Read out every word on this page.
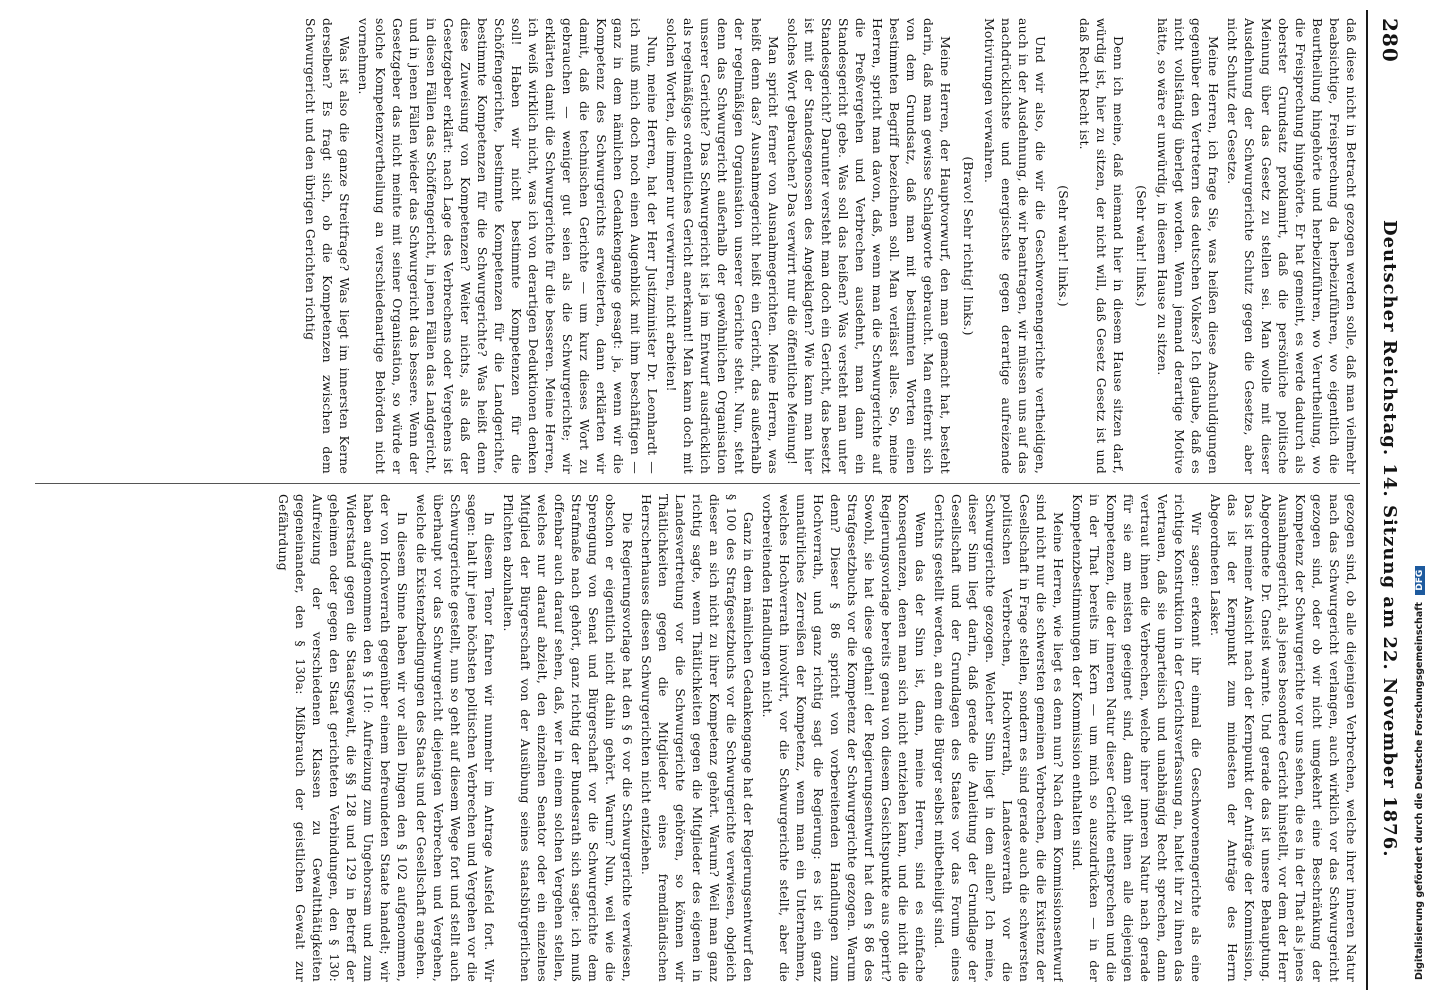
280
Deutscher Reichstag. 14. Sitzung am 22. November 1876.

daß diese nicht in Betracht gezogen werden solle, daß man vielmehr beabsichtige, Freisprechung da herbeizuführen, wo eigentlich die Beurtheilung hingehörte und herbeizuführen, wo Verurtheilung, wo die Freisprechung hingehörte. Er hat gemeint, es werde dadurch als oberster Grundsatz proklamirt, daß die persönliche politische Meinung über das Gesetz zu stellen sei. Man wolle mit dieser Ausdehnung der Schwurgerichte Schutz gegen die Gesetze, aber nicht Schutz der Gesetze.

Meine Herren, ich frage Sie, was heißen diese Anschuldigungen gegenüber den Vertretern des deutschen Volkes? Ich glaube, daß es nicht vollständig überlegt worden. Wenn jemand derartige Motive hätte, so wäre er unwürdig, in diesem Hause zu sitzen.

(Sehr wahr! links.)

Denn ich meine, daß niemand hier in diesem Hause sitzen darf, würdig ist, hier zu sitzen, der nicht will, daß Gesetz Gesetz ist und daß Recht Recht ist.

(Sehr wahr! links.)

Und wir also, die wir die Geschworenengerichte vertheidigen, auch in der Ausdehnung, die wir beantragen, wir müssen uns auf das nachdrücklichste und energischste gegen derartige aufreizende Motivirungen verwahren.

(Bravo! Sehr richtig! links.)

Meine Herren, der Hauptvorwurf, den man gemacht hat, besteht darin, daß man gewisse Schlagworte gebraucht. Man entfernt sich von dem Grundsatz, daß man mit bestimmten Worten einen bestimmten Begriff bezeichnen soll. Man verlässt alles. So, meine Herren, spricht man davon, daß, wenn man die Schwurgerichte auf die Preßvergehen und Verbrechen ausdehnt, man dann ein Standesgericht gebe. Was soll das heißen? Was versteht man unter Standesgericht? Darunter versteht man doch ein Gericht, das besetzt ist mit der Standesgenossen des Angeklagten? Wie kann man hier solches Wort gebrauchen? Das verwirrt nur die öffentliche Meinung!

Man spricht ferner von Ausnahmegerichten. Meine Herren, was heißt denn das? Ausnahmegericht heißt ein Gericht, das außerhalb der regelmäßigen Organisation unserer Gerichte steht. Nun, steht denn das Schwurgericht außerhalb der gewöhnlichen Organisation unserer Gerichte? Das Schwurgericht ist ja im Entwurf ausdrücklich als regelmäßiges ordentliches Gericht anerkannt! Man kann doch mit solchen Worten, die immer nur verwirren, nicht arbeiten!

Nun, meine Herren, hat der Herr Justizminister Dr. Leonhardt — ich muß mich doch noch einen Augenblick mit ihm beschäftigen — ganz in dem nämlichen Gedankengange gesagt: ja, wenn wir die Kompetenz des Schwurgerichts erweiterten, dann erklärten wir damit, daß die technischen Gerichte — um kurz dieses Wort zu gebrauchen — weniger gut seien als die Schwurgerichte; wir erklärten damit die Schwurgerichte für die besseren. Meine Herren, ich weiß wirklich nicht, was ich von derartigen Deduktionen denken soll! Haben wir nicht bestimmte Kompetenzen für die Schöffengerichte, bestimmte Kompetenzen für die Landgerichte, bestimmte Kompetenzen für die Schwurgerichte? Was heißt denn diese Zuweisung von Kompetenzen? Weiter nichts, als daß der Gesetzgeber erklärt: nach Lage des Verbrechens oder Vergehens ist in diesen Fällen das Schöffengericht, in jenen Fällen das Landgericht, und in jenen Fällen wieder das Schwurgericht das bessere. Wenn der Gesetzgeber das nicht meinte mit seiner Organisation, so würde er solche Kompetenzvertheilung an verschiedenartige Behörden nicht vornehmen.

Was ist also die ganze Streitfrage? Was liegt im innersten Kerne derselben? Es fragt sich, ob die Kompetenzen zwischen dem Schwurgericht und den übrigen Gerichten richtig

gezogen sind, ob alle diejenigen Verbrechen, welche ihrer inneren Natur nach das Schwurgericht verlangen, auch wirklich vor das Schwurgericht gezogen sind, oder ob wir nicht umgekehrt eine Beschränkung der Kompetenz der Schwurgerichte vor uns sehen, die es in der That als jenes Ausnahmegericht, als jenes besondere Gericht hinstellt, vor dem der Herr Abgeordnete Dr. Gneist warnte. Und gerade das ist unsere Behauptung. Das ist meiner Ansicht nach der Kernpunkt der Anträge der Kommission, das ist der Kernpunkt zum mindesten der Anträge des Herrn Abgeordneten Lasker.

Wir sagen: erkennt ihr einmal die Geschworenengerichte als eine richtige Konstruktion in der Gerichtsverfassung an, haltet ihr zu ihnen das Vertrauen, daß sie unparteiisch und unabhängig Recht sprechen, dann vertraut ihnen die Verbrechen, welche ihrer inneren Natur nach gerade für sie am meisten geeignet sind, dann geht ihnen alle diejenigen Kompetenzen, die der inneren Natur dieser Gerichte entsprechen und die in der That bereits im Kern — um mich so auszudrücken — in der Kompetenzbestimmungen der Kommission enthalten sind.

Meine Herren, wie liegt es denn nun? Nach dem Kommissionsentwurf sind nicht nur die schwersten gemeinen Verbrechen, die die Existenz der Gesellschaft in Frage stellen, sondern es sind gerade auch die schwersten politischen Verbrechen, Hochverrath, Landesverrath vor die Schwurgerichte gezogen. Welcher Sinn liegt in dem allen? Ich meine, dieser Sinn liegt darin, daß gerade die Anleitung der Grundlage der Gesellschaft und der Grundlagen des Staates vor das Forum eines Gerichts gestellt werden, an dem die Bürger selbst mitbetheiligt sind.

Wenn das der Sinn ist, dann, meine Herren, sind es einfache Konsequenzen, denen man sich nicht entziehen kann, und die nicht die Regierungsvorlage bereits genau von diesem Gesichtspunkte aus operirt? Sowohl, sie hat diese gethan! der Regierungsentwurf hat den § 86 des Strafgesetzbuchs vor die Kompetenz der Schwurgerichte gezogen. Warum denn? Dieser § 86 spricht von vorbereitenden Handlungen zum Hochverrath, und ganz richtig sagt die Regierung: es ist ein ganz unnatürliches Zerreißen der Kompetenz, wenn man ein Unternehmen, welches Hochverrath involvirt, vor die Schwurgerichte stellt, aber die vorbereitenden Handlungen nicht.

Ganz in dem nämlichen Gedankengange hat der Regierungsentwurf den § 100 des Strafgesetzbuchs vor die Schwurgerichte verwiesen, obgleich dieser an sich nicht zu ihrer Kompetenz gehört. Warum? Weil man ganz richtig sagte, wenn Thätlichkeiten gegen die Mitglieder des eigenen in Landesvertretung vor die Schwurgerichte gehören, so können wir Thätlichkeiten gegen die Mitglieder eines fremdländischen Herrscherhauses diesen Schwurgerichten nicht entziehen.

Die Regierungsvorlage hat den § 6 vor die Schwurgerichte verwiesen, obschon er eigentlich nicht dahin gehört. Warum? Nun, weil wie die Sprengung von Senat und Bürgerschaft vor die Schwurgerichte dem Strafmaße nach gehört, ganz richtig der Bundesrath sich sagte: ich muß offenbar auch darauf sehen, daß, wer in einem solchen Vergehen stellen, welches nur darauf abzielt, den einzelnen Senator oder ein einzelnes Mitglied der Bürgerschaft von der Ausübung seines staatsbürgerlichen Pflichten abzuhalten.

In diesem Tenor fahren wir nunmehr im Antrage Ausfeld fort. Wir sagen: halt ihr jene höchsten politischen Verbrechen und Vergehen vor die Schwurgerichte gestellt, nun so geht auf diesem Wege fort und stellt auch überhaupt vor das Schwurgericht diejenigen Verbrechen und Vergehen, welche die Existenzbedingungen des Staats und der Gesellschaft angehen.

In diesem Sinne haben wir vor allen Dingen den § 102 aufgenommen, der von Hochverrath gegenüber einem befreundeten Staate handelt; wir haben aufgenommen den § 110: Aufreizung zum Ungehorsam und zum Widerstand gegen die Staatsgewalt, die §§ 128 und 129 in Betreff der geheimen oder gegen den Staat gerichteten Verbindungen, den § 130: Aufreizung der verschiedenen Klassen zu Gewaltthätigkeiten gegeneinander, den § 130a: Mißbrauch der geistlichen Gewalt zur Gefährdung

Digitalisierung gefördert durch die Deutsche Forschungsgemeinschaft DFG
